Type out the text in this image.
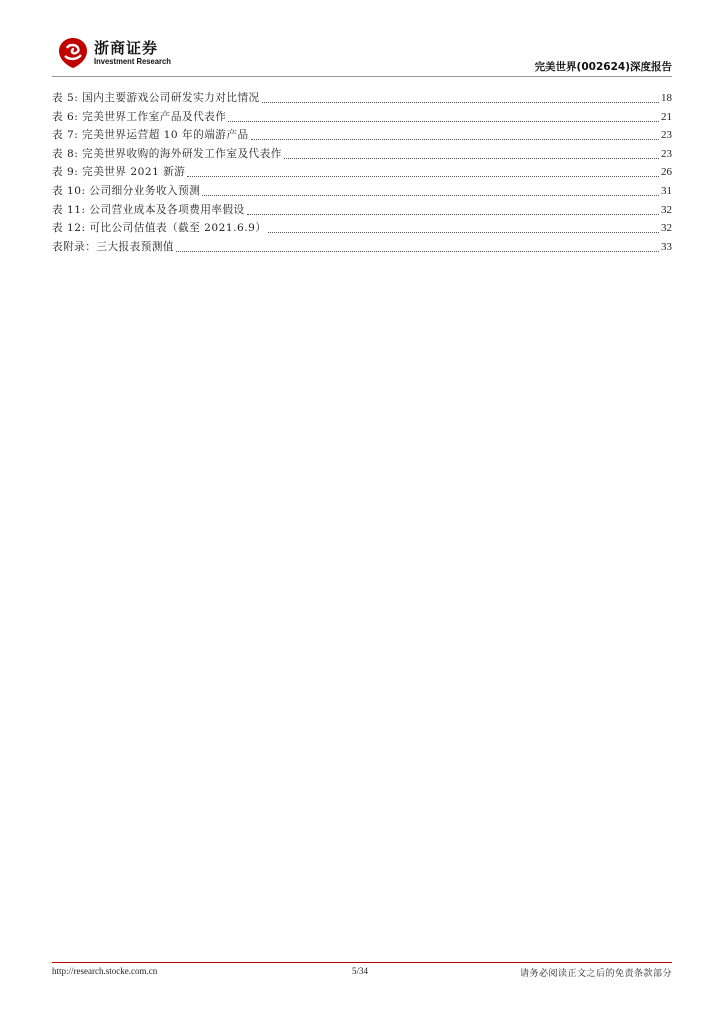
浙商证券
Investment Research	完美世界(002624)深度报告
表 5: 国内主要游戏公司研发实力对比情况	18
表 6: 完美世界工作室产品及代表作	21
表 7: 完美世界运营超 10 年的端游产品	23
表 8: 完美世界收购的海外研发工作室及代表作	23
表 9: 完美世界 2021 新游	26
表 10: 公司细分业务收入预测	31
表 11: 公司营业成本及各项费用率假设	32
表 12: 可比公司估值表（截至 2021.6.9）	32
表附录：三大报表预测值	33
http://research.stocke.com.cn	5/34	请务必阅读正文之后的免责条款部分
